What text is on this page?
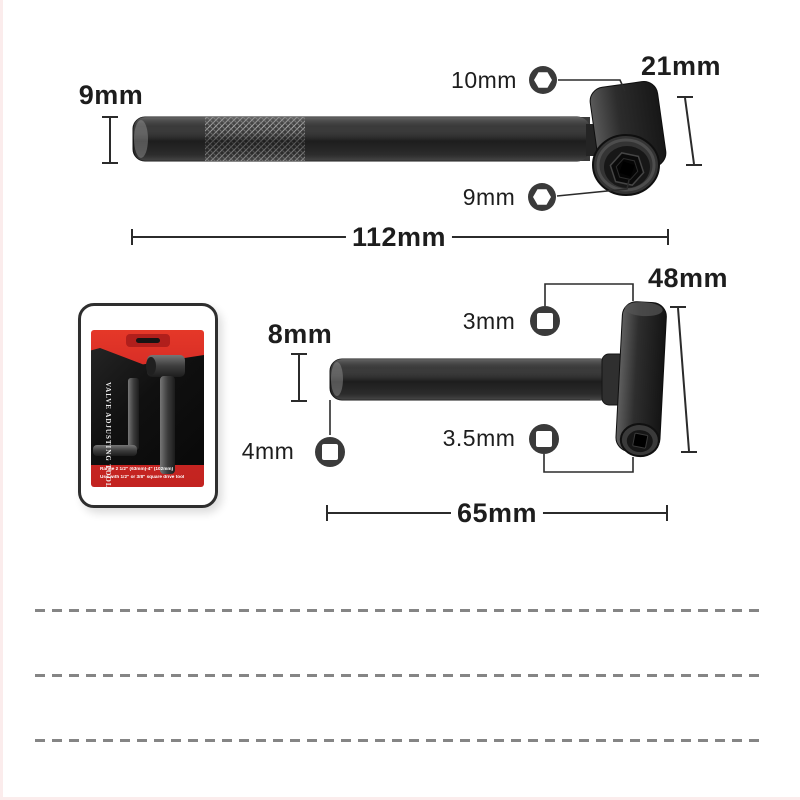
9mm	10mm	21mm
9mm
112mm
48mm
8mm	3mm
4mm	3.5mm
65mm
VALVE ADJUSTING TOOL
Range 2 1/2" (63mm)-4" (102mm)
Use with 1/2" or 3/8" square drive tool
